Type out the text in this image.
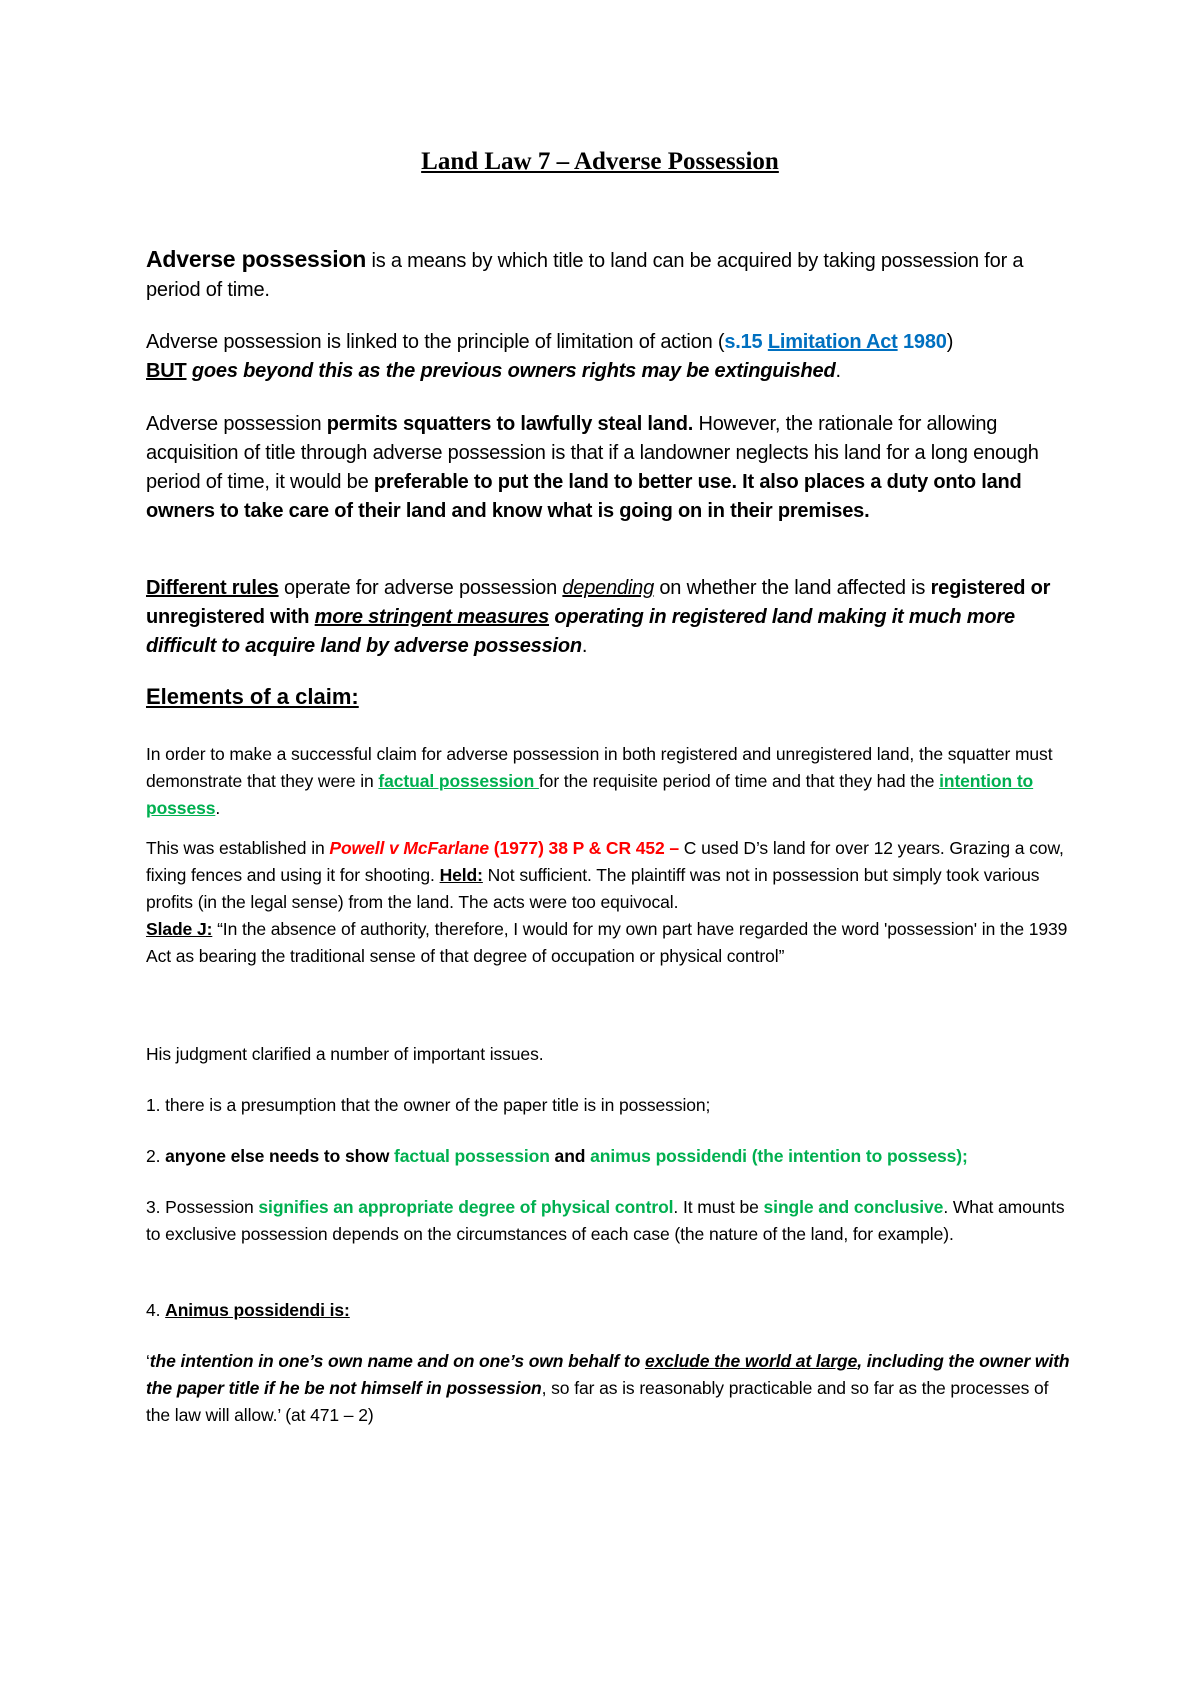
Land Law 7 – Adverse Possession

Adverse possession is a means by which title to land can be acquired by taking possession for a period of time.

Adverse possession is linked to the principle of limitation of action (s.15 Limitation Act 1980)
BUT goes beyond this as the previous owners rights may be extinguished.

Adverse possession permits squatters to lawfully steal land. However, the rationale for allowing acquisition of title through adverse possession is that if a landowner neglects his land for a long enough period of time, it would be preferable to put the land to better use. It also places a duty onto land owners to take care of their land and know what is going on in their premises.

Different rules operate for adverse possession depending on whether the land affected is registered or unregistered with more stringent measures operating in registered land making it much more difficult to acquire land by adverse possession.

Elements of a claim:

In order to make a successful claim for adverse possession in both registered and unregistered land, the squatter must demonstrate that they were in factual possession for the requisite period of time and that they had the intention to possess.

This was established in Powell v McFarlane (1977) 38 P & CR 452 – C used D’s land for over 12 years. Grazing a cow, fixing fences and using it for shooting. Held: Not sufficient. The plaintiff was not in possession but simply took various profits (in the legal sense) from the land. The acts were too equivocal.
Slade J: “In the absence of authority, therefore, I would for my own part have regarded the word 'possession' in the 1939 Act as bearing the traditional sense of that degree of occupation or physical control”

His judgment clarified a number of important issues.

1. there is a presumption that the owner of the paper title is in possession;

2. anyone else needs to show factual possession and animus possidendi (the intention to possess);

3. Possession signifies an appropriate degree of physical control. It must be single and conclusive. What amounts to exclusive possession depends on the circumstances of each case (the nature of the land, for example).

4. Animus possidendi is:

‘the intention in one’s own name and on one’s own behalf to exclude the world at large, including the owner with the paper title if he be not himself in possession, so far as is reasonably practicable and so far as the processes of the law will allow.’ (at 471 – 2)
